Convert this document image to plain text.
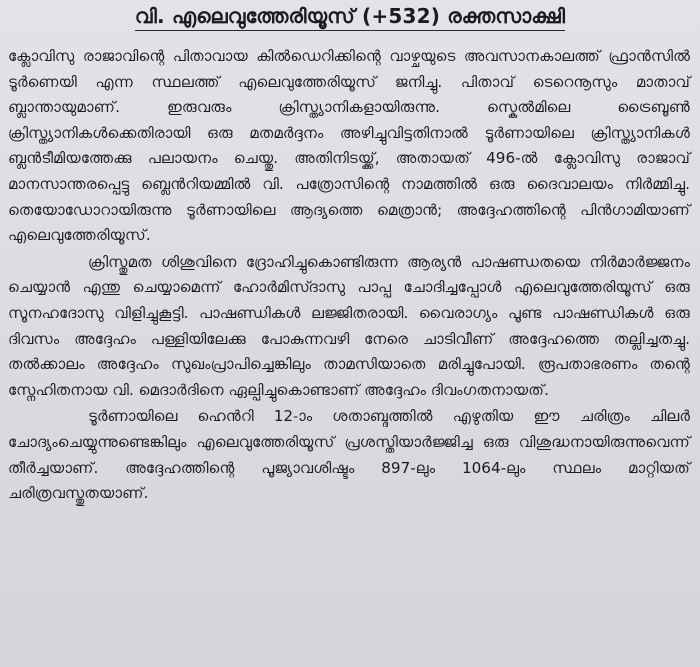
വി. എലെവുത്തേരിയൂസ് (+532) രക്തസാക്ഷി

ക്ലോവിസു രാജാവിന്റെ പിതാവായ കിൽഡെറിക്കിന്റെ വാഴ്ചയുടെ അവസാനകാലത്ത് ഫ്രാൻസിൽ ടൂർണെയി എന്ന സ്ഥലത്ത് എലെവുത്തേരിയൂസ് ജനിച്ചു. പിതാവ് ടെറെനൂസും മാതാവ് ബ്ലാന്തായുമാണ്. ഇരുവരും ക്രിസ്ത്യാനികളായിരുന്നു. സ്കെൽമിലെ ട്രൈബൂൺ ക്രിസ്ത്യാനികൾക്കെതിരായി ഒരു മതമർദ്ദനം അഴിച്ചുവിട്ടതിനാൽ ടൂർണായിലെ ക്രിസ്ത്യാനികൾ ബ്ലൻടീമിയത്തേക്കു പലായനം ചെയ്തു. അതിനിടയ്ക്ക്, അതായത് 496-ൽ ക്ലോവിസു രാജാവ് മാനസാന്തരപ്പെട്ടു ബ്ലെൻറിയമ്മിൽ വി. പത്രോസിന്റെ നാമത്തിൽ ഒരു ദൈവാലയം നിർമ്മിച്ചു. തെയോഡോറായിരുന്നു ടൂർണായിലെ ആദ്യത്തെ മെത്രാൻ; അദ്ദേഹത്തിന്റെ പിൻഗാമിയാണ് എലെവുത്തേരിയൂസ്.

ക്രിസ്തുമത ശിശുവിനെ ദ്രോഹിച്ചുകൊണ്ടിരുന്ന ആര്യൻ പാഷണ്ഡതയെ നിർമാർജ്ജനം ചെയ്യാൻ എന്തു ചെയ്യാമെന്ന് ഹോർമിസ്ദാസു പാപ്പ ചോദിച്ചപ്പോൾ എലെവുത്തേരിയൂസ് ഒരു സൂനഹദോസു വിളിച്ചുകൂട്ടി. പാഷണ്ഡികൾ ലജ്ജിതരായി. വൈരാഗ്യം പൂണ്ട പാഷണ്ഡികൾ ഒരു ദിവസം അദ്ദേഹം പള്ളിയിലേക്കു പോകുന്നവഴി നേരെ ചാടിവീണ് അദ്ദേഹത്തെ തല്ലിച്ചതച്ചു. തൽക്കാലം അദ്ദേഹം സുഖംപ്രാപിച്ചെങ്കിലും താമസിയാതെ മരിച്ചുപോയി. രൂപതാഭരണം തന്റെ സ്നേഹിതനായ വി. മെദാർദിനെ ഏല്പിച്ചുകൊണ്ടാണ് അദ്ദേഹം ദിവംഗതനായത്.

ടൂർണായിലെ ഹെൻറി 12-ാം ശതാബ്ദത്തിൽ എഴുതിയ ഈ ചരിത്രം ചിലർ ചോദ്യംചെയ്യുന്നുണ്ടെങ്കിലും എലെവുത്തേരിയൂസ് പ്രശസ്തിയാർജ്ജിച്ച ഒരു വിശുദ്ധനായിരുന്നുവെന്ന് തീർച്ചയാണ്. അദ്ദേഹത്തിന്റെ പൂജ്യാവശിഷ്ടം 897-ലും 1064-ലും സ്ഥലം മാറ്റിയത് ചരിത്രവസ്തുതയാണ്.
